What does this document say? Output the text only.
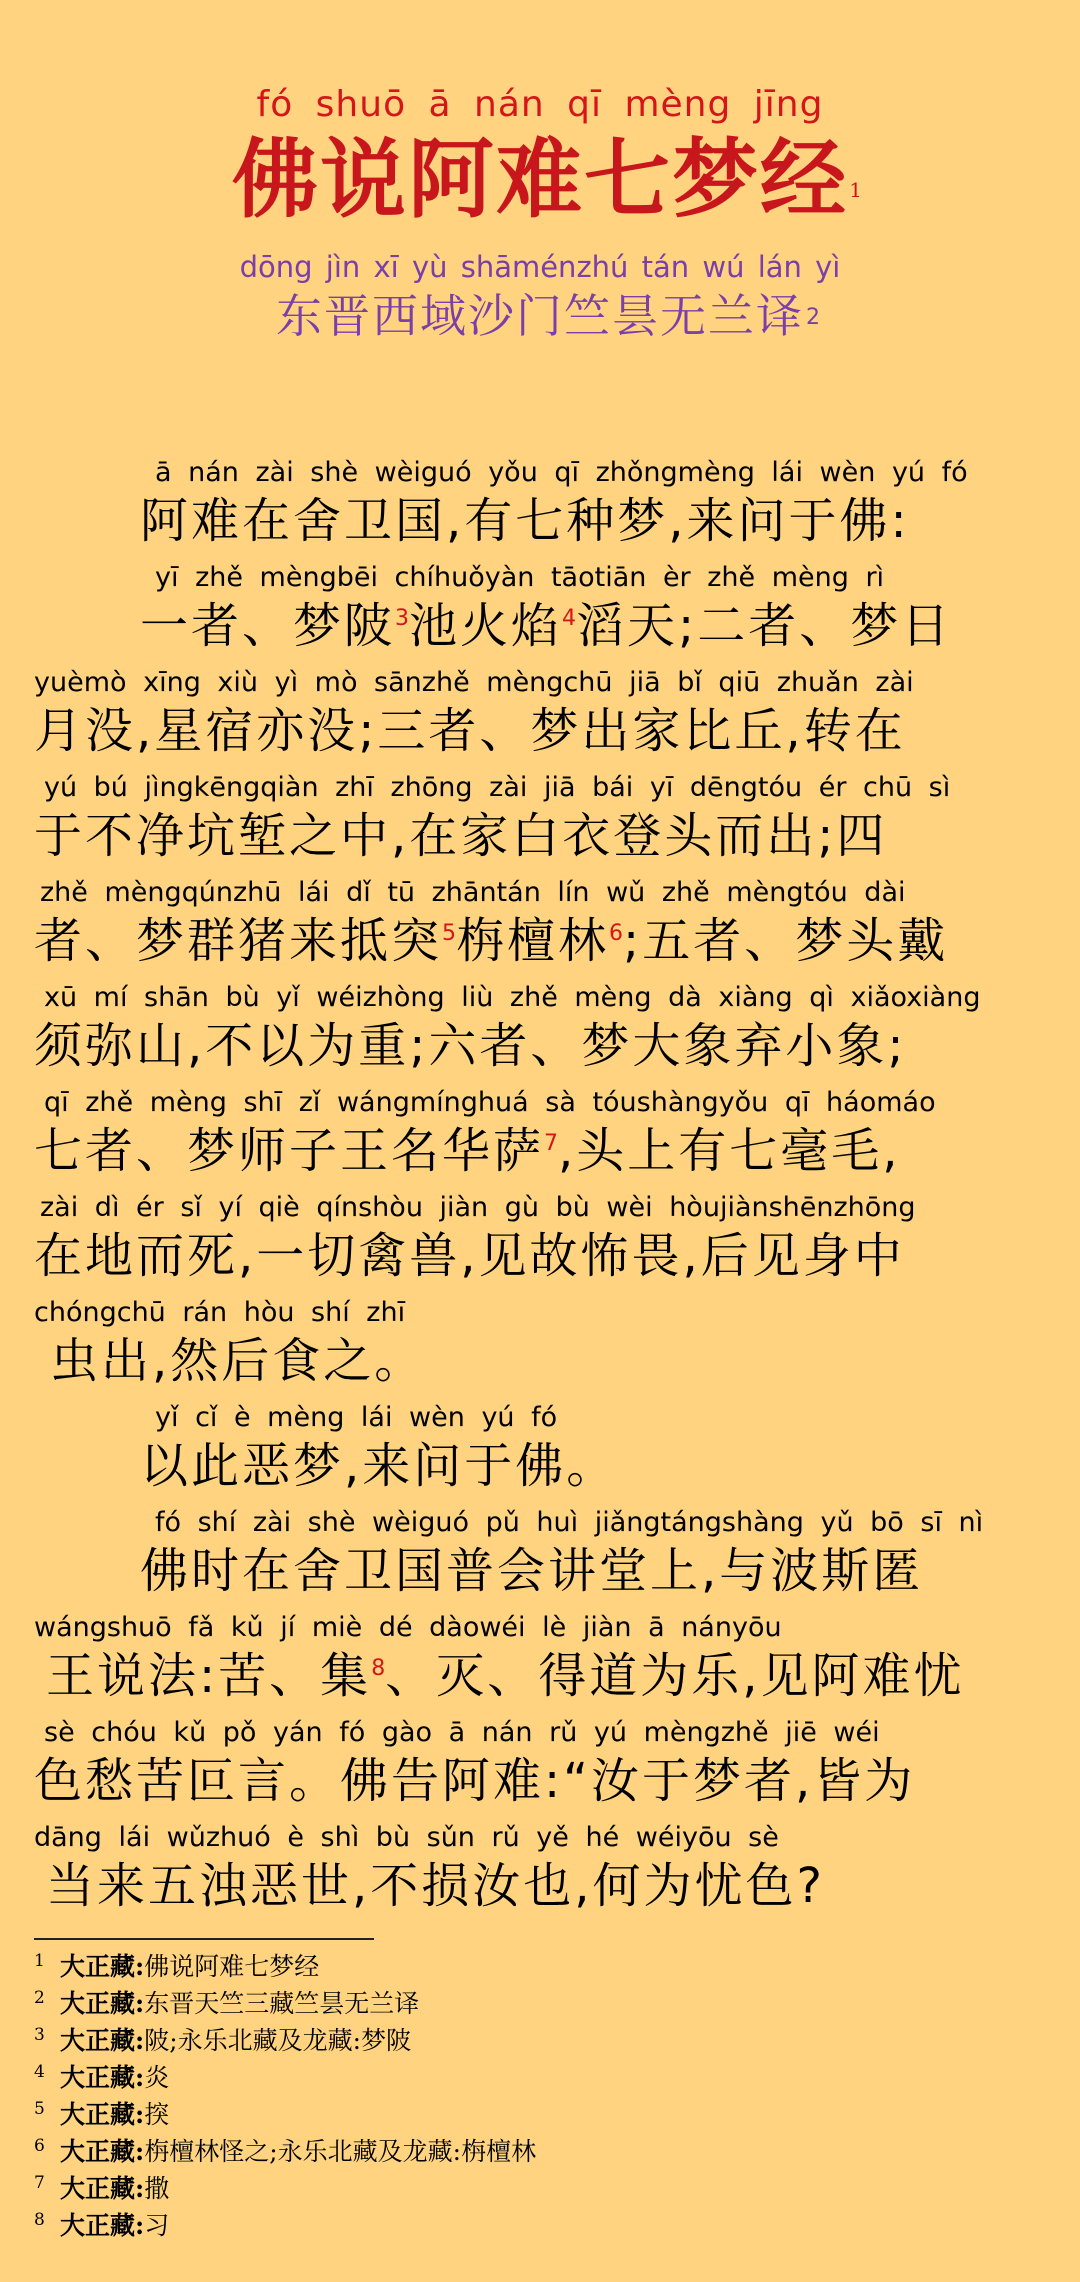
fó shuō ā nán qī mèng jīng
佛说阿难七梦经 1
dōng jìn xī yù shāménzhú tán wú lán yì
东晋西域沙门竺昙无兰译 2
ā nán zài shè wèiguó yǒu qī zhǒngmèng lái wèn yú fó
阿难在舍卫国,有七种梦,来问于佛:
yī zhě mèngbēi chíhuǒyàn tāotiān èr zhě mèng rì
一者、梦陂$^3$池火焰$^4$滔天;二者、梦日
yuèmò xīng xiù yì mò sānzhě mèngchū jiā bǐ qiū zhuǎn zài
月没,星宿亦没;三者、梦出家比丘,转在
yú bú jìngkēngqiàn zhī zhōng zài jiā bái yī dēngtóu ér chū sì
于不净坑堑之中,在家白衣登头而出;四
zhě mèngqúnzhū lái dǐ tū zhāntán lín wǔ zhě mèngtóu dài
者、梦群猪来抵突$^5$栴檀林$^6$;五者、梦头戴
xū mí shān bù yǐ wéizhòng liù zhě mèng dà xiàng qì xiǎoxiàng
须弥山,不以为重;六者、梦大象弃小象;
qī zhě mèng shī zǐ wángmínghuá sà tóushàngyǒu qī háomáo
七者、梦师子王名华萨$^7$,头上有七毫毛,
zài dì ér sǐ yí qiè qínshòu jiàn gù bù wèi hòujiànshēnzhōng
在地而死,一切禽兽,见故怖畏,后见身中
chóngchū rán hòu shí zhī
虫出,然后食之。
yǐ cǐ è mèng lái wèn yú fó
以此恶梦,来问于佛。
fó shí zài shè wèiguó pǔ huì jiǎngtángshàng yǔ bō sī nì
佛时在舍卫国普会讲堂上,与波斯匿
wángshuō fǎ kǔ jí miè dé dàowéi lè jiàn ā nányōu
王说法:苦、集$^8$、灭、得道为乐,见阿难忧
sè chóu kǔ pǒ yán fó gào ā nán rǔ yú mèngzhě jiē wéi
色愁苦叵言。佛告阿难:“汝于梦者,皆为
dāng lái wǔzhuó è shì bù sǔn rǔ yě hé wéiyōu sè
当来五浊恶世,不损汝也,何为忧色?
1 大正藏:佛说阿难七梦经
2 大正藏:东晋天竺三藏竺昙无兰译
3 大正藏:陂;永乐北藏及龙藏:梦陂
4 大正藏:炎
5 大正藏:揬
6 大正藏:栴檀林怪之;永乐北藏及龙藏:栴檀林
7 大正藏:撒
8 大正藏:习
